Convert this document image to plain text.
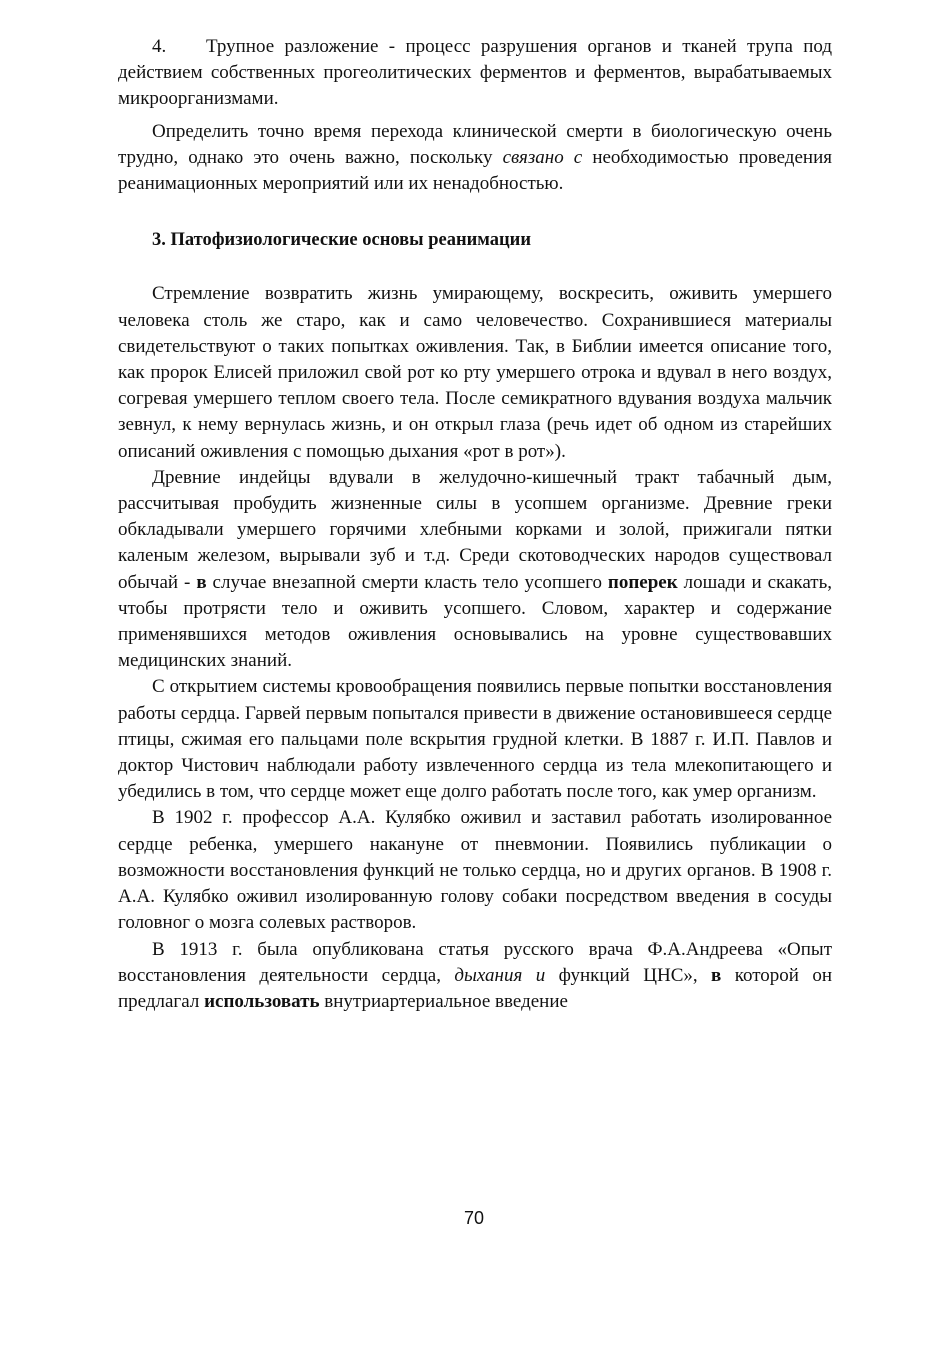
4. Трупное разложение - процесс разрушения органов и тканей трупа под действием собственных прогеолитических ферментов и ферментов, вырабатываемых микроорганизмами.

Определить точно время перехода клинической смерти в биологическую очень трудно, однако это очень важно, поскольку связано с необходимостью проведения реанимационных мероприятий или их ненадобностью.

3. Патофизиологические основы реанимации

Стремление возвратить жизнь умирающему, воскресить, оживить умершего человека столь же старо, как и само человечество. Сохранившиеся материалы свидетельствуют о таких попытках оживления. Так, в Библии имеется описание того, как пророк Елисей приложил свой рот ко рту умершего отрока и вдувал в него воздух, согревая умершего теплом своего тела. После семикратного вдувания воздуха мальчик зевнул, к нему вернулась жизнь, и он открыл глаза (речь идет об одном из старейших описаний оживления с помощью дыхания «рот в рот»).

Древние индейцы вдували в желудочно-кишечный тракт табачный дым, рассчитывая пробудить жизненные силы в усопшем организме. Древние греки обкладывали умершего горячими хлебными корками и золой, прижигали пятки каленым железом, вырывали зуб и т.д. Среди скотоводческих народов существовал обычай - в случае внезапной смерти класть тело усопшего поперек лошади и скакать, чтобы протрясти тело и оживить усопшего. Словом, характер и содержание применявшихся методов оживления основывались на уровне существовавших медицинских знаний.

С открытием системы кровообращения появились первые попытки восстановления работы сердца. Гарвей первым попытался привести в движение остановившееся сердце птицы, сжимая его пальцами поле вскрытия грудной клетки. В 1887 г. И.П. Павлов и доктор Чистович наблюдали работу извлеченного сердца из тела млекопитающего и убедились в том, что сердце может еще долго работать после того, как умер организм.

В 1902 г. профессор А.А. Кулябко оживил и заставил работать изолированное сердце ребенка, умершего накануне от пневмонии. Появились публикации о возможности восстановления функций не только сердца, но и других органов. В 1908 г. А.А. Кулябко оживил изолированную голову собаки посредством введения в сосуды головног о мозга солевых растворов.

В 1913 г. была опубликована статья русского врача Ф.А.Андреева «Опыт восстановления деятельности сердца, дыхания и функций ЦНС», в которой он предлагал использовать внутриартериальное введение

70
